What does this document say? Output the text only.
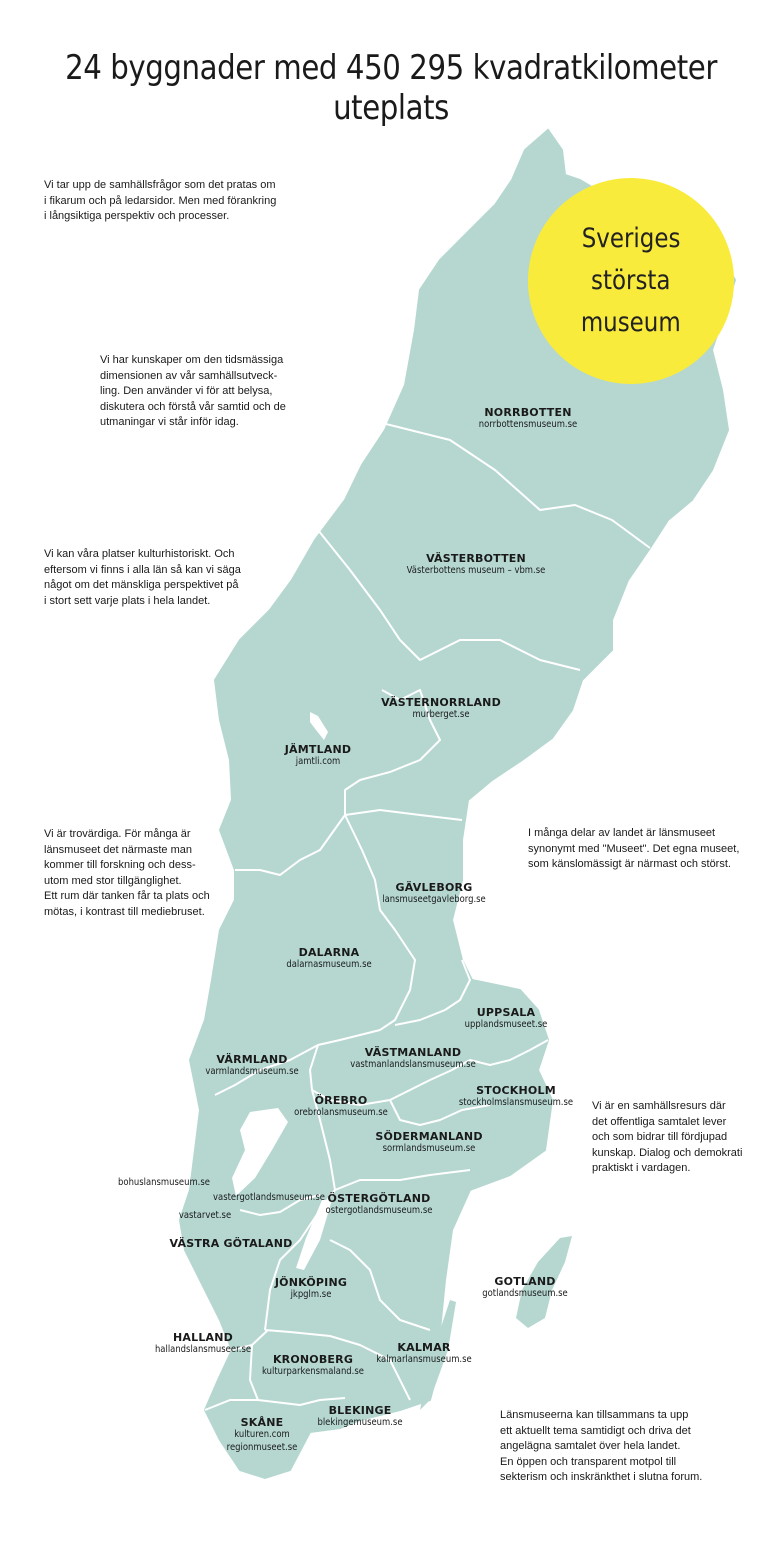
24 byggnader med 450 295 kvadratkilometer uteplats
Sveriges
största
museum
Vi tar upp de samhällsfrågor som det pratas om
i fikarum och på ledarsidor. Men med förankring
i långsiktiga perspektiv och processer.
Vi har kunskaper om den tidsmässiga
dimensionen av vår samhällsutveck-
ling. Den använder vi för att belysa,
diskutera och förstå vår samtid och de
utmaningar vi står inför idag.
Vi kan våra platser kulturhistoriskt. Och
eftersom vi finns i alla län så kan vi säga
något om det mänskliga perspektivet på
i stort sett varje plats i hela landet.
Vi är trovärdiga. För många är
länsmuseet det närmaste man
kommer till forskning och dess-
utom med stor tillgänglighet.
Ett rum där tanken får ta plats och
mötas, i kontrast till mediebruset.
I många delar av landet är länsmuseet
synonymt med "Museet". Det egna museet,
som känslomässigt är närmast och störst.
Vi är en samhällsresurs där
det offentliga samtalet lever
och som bidrar till fördjupad
kunskap. Dialog och demokrati
praktiskt i vardagen.
Länsmuseerna kan tillsammans ta upp
ett aktuellt tema samtidigt och driva det
angelägna samtalet över hela landet.
En öppen och transparent motpol till
sekterism och inskränkthet i slutna forum.
NORRBOTTEN
norrbottensmuseum.se
VÄSTERBOTTEN
Västerbottens museum – vbm.se
VÄSTERNORRLAND
murberget.se
JÄMTLAND
jamtli.com
GÄVLEBORG
lansmuseetgavleborg.se
DALARNA
dalarnasmuseum.se
UPPSALA
upplandsmuseet.se
VÄSTMANLAND
vastmanlandslansmuseum.se
VÄRMLAND
varmlandsmuseum.se
STOCKHOLM
stockholmslansmuseum.se
ÖREBRO
orebrolansmuseum.se
SÖDERMANLAND
sormlandsmuseum.se
ÖSTERGÖTLAND
ostergotlandsmuseum.se
VÄSTRA GÖTALAND
JÖNKÖPING
jkpglm.se
GOTLAND
gotlandsmuseum.se
HALLAND
hallandslansmuseer.se	KALMAR
kalmarlansmuseum.se
KRONOBERG
kulturparkensmaland.se
BLEKINGE
blekingemuseum.se
SKÅNE
kulturen.com
regionmuseet.se
bohuslansmuseum.se
vastergotlandsmuseum.se
vastarvet.se
